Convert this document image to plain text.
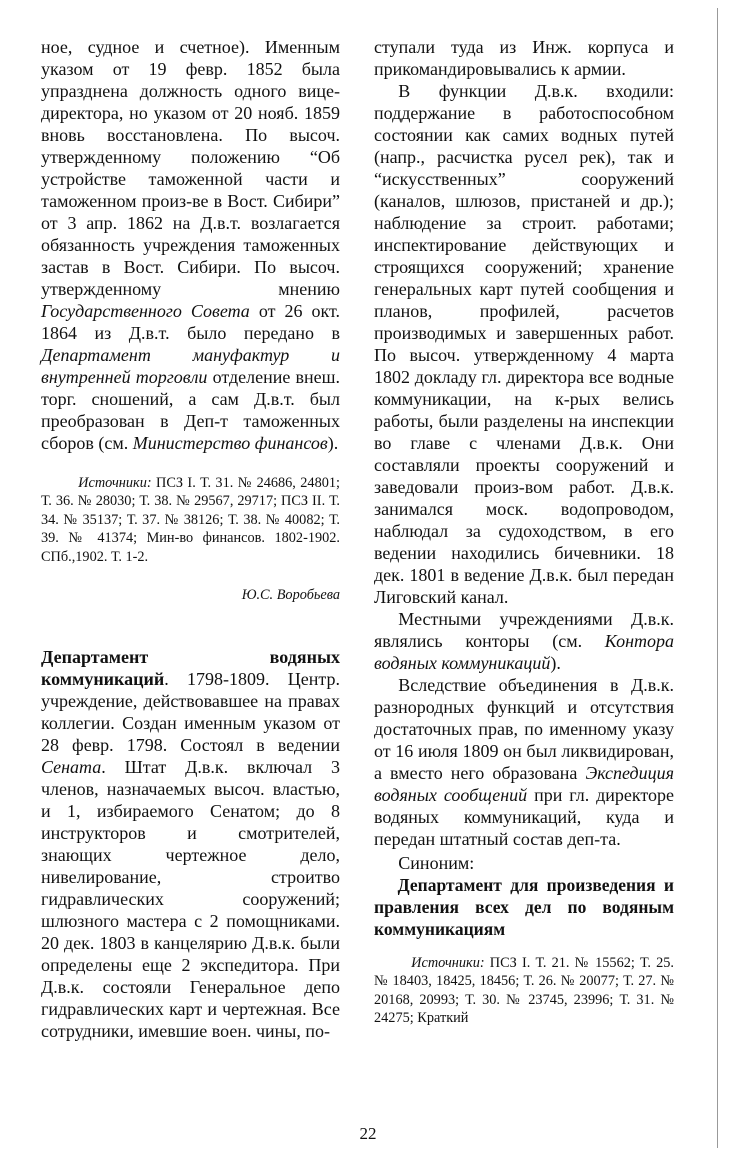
ное, судное и счетное). Именным указом от 19 февр. 1852 была упразднена должность одного вице-директора, но указом от 20 нояб. 1859 вновь восстановлена. По высоч. утвержденному положению “Об устройстве таможенной части и таможенном произ-ве в Вост. Сибири” от 3 апр. 1862 на Д.в.т. возлагается обязанность учреждения таможенных застав в Вост. Сибири. По высоч. утвержденному мнению Государственного Совета от 26 окт. 1864 из Д.в.т. было передано в Департамент мануфактур и внутренней торговли отделение внеш. торг. сношений, а сам Д.в.т. был преобразован в Деп-т таможенных сборов (см. Министерство финансов).

Источники: ПСЗ I. Т. 31. № 24686, 24801; Т. 36. № 28030; Т. 38. № 29567, 29717; ПСЗ II. Т. 34. № 35137; Т. 37. № 38126; Т. 38. № 40082; Т. 39. № 41374; Мин-во финансов. 1802-1902. СПб.,1902. Т. 1-2.

Ю.С. Воробьева

Департамент водяных коммуникаций. 1798-1809. Центр. учреждение, действовавшее на правах коллегии. Создан именным указом от 28 февр. 1798. Состоял в ведении Сената. Штат Д.в.к. включал 3 членов, назначаемых высоч. властью, и 1, избираемого Сенатом; до 8 инструкторов и смотрителей, знающих чертежное дело, нивелирование, строитво гидравлических сооружений; шлюзного мастера с 2 помощниками. 20 дек. 1803 в канцелярию Д.в.к. были определены еще 2 экспедитора. При Д.в.к. состояли Генеральное депо гидравлических карт и чертежная. Все сотрудники, имевшие воен. чины, по-

ступали туда из Инж. корпуса и прикомандировывались к армии.

В функции Д.в.к. входили: поддержание в работоспособном состоянии как самих водных путей (напр., расчистка русел рек), так и “искусственных” сооружений (каналов, шлюзов, пристаней и др.); наблюдение за строит. работами; инспектирование действующих и строящихся сооружений; хранение генеральных карт путей сообщения и планов, профилей, расчетов производимых и завершенных работ. По высоч. утвержденному 4 марта 1802 докладу гл. директора все водные коммуникации, на к-рых велись работы, были разделены на инспекции во главе с членами Д.в.к. Они составляли проекты сооружений и заведовали произ-вом работ. Д.в.к. занимался моск. водопроводом, наблюдал за судоходством, в его ведении находились бичевники. 18 дек. 1801 в ведение Д.в.к. был передан Лиговский канал.

Местными учреждениями Д.в.к. являлись конторы (см. Контора водяных коммуникаций).

Вследствие объединения в Д.в.к. разнородных функций и отсутствия достаточных прав, по именному указу от 16 июля 1809 он был ликвидирован, а вместо него образована Экспедиция водяных сообщений при гл. директоре водяных коммуникаций, куда и передан штатный состав деп-та.

Синоним:

Департамент для произведения и правления всех дел по водяным коммуникациям

Источники: ПСЗ I. Т. 21. № 15562; Т. 25. № 18403, 18425, 18456; Т. 26. № 20077; Т. 27. № 20168, 20993; Т. 30. № 23745, 23996; Т. 31. № 24275; Краткий

22
